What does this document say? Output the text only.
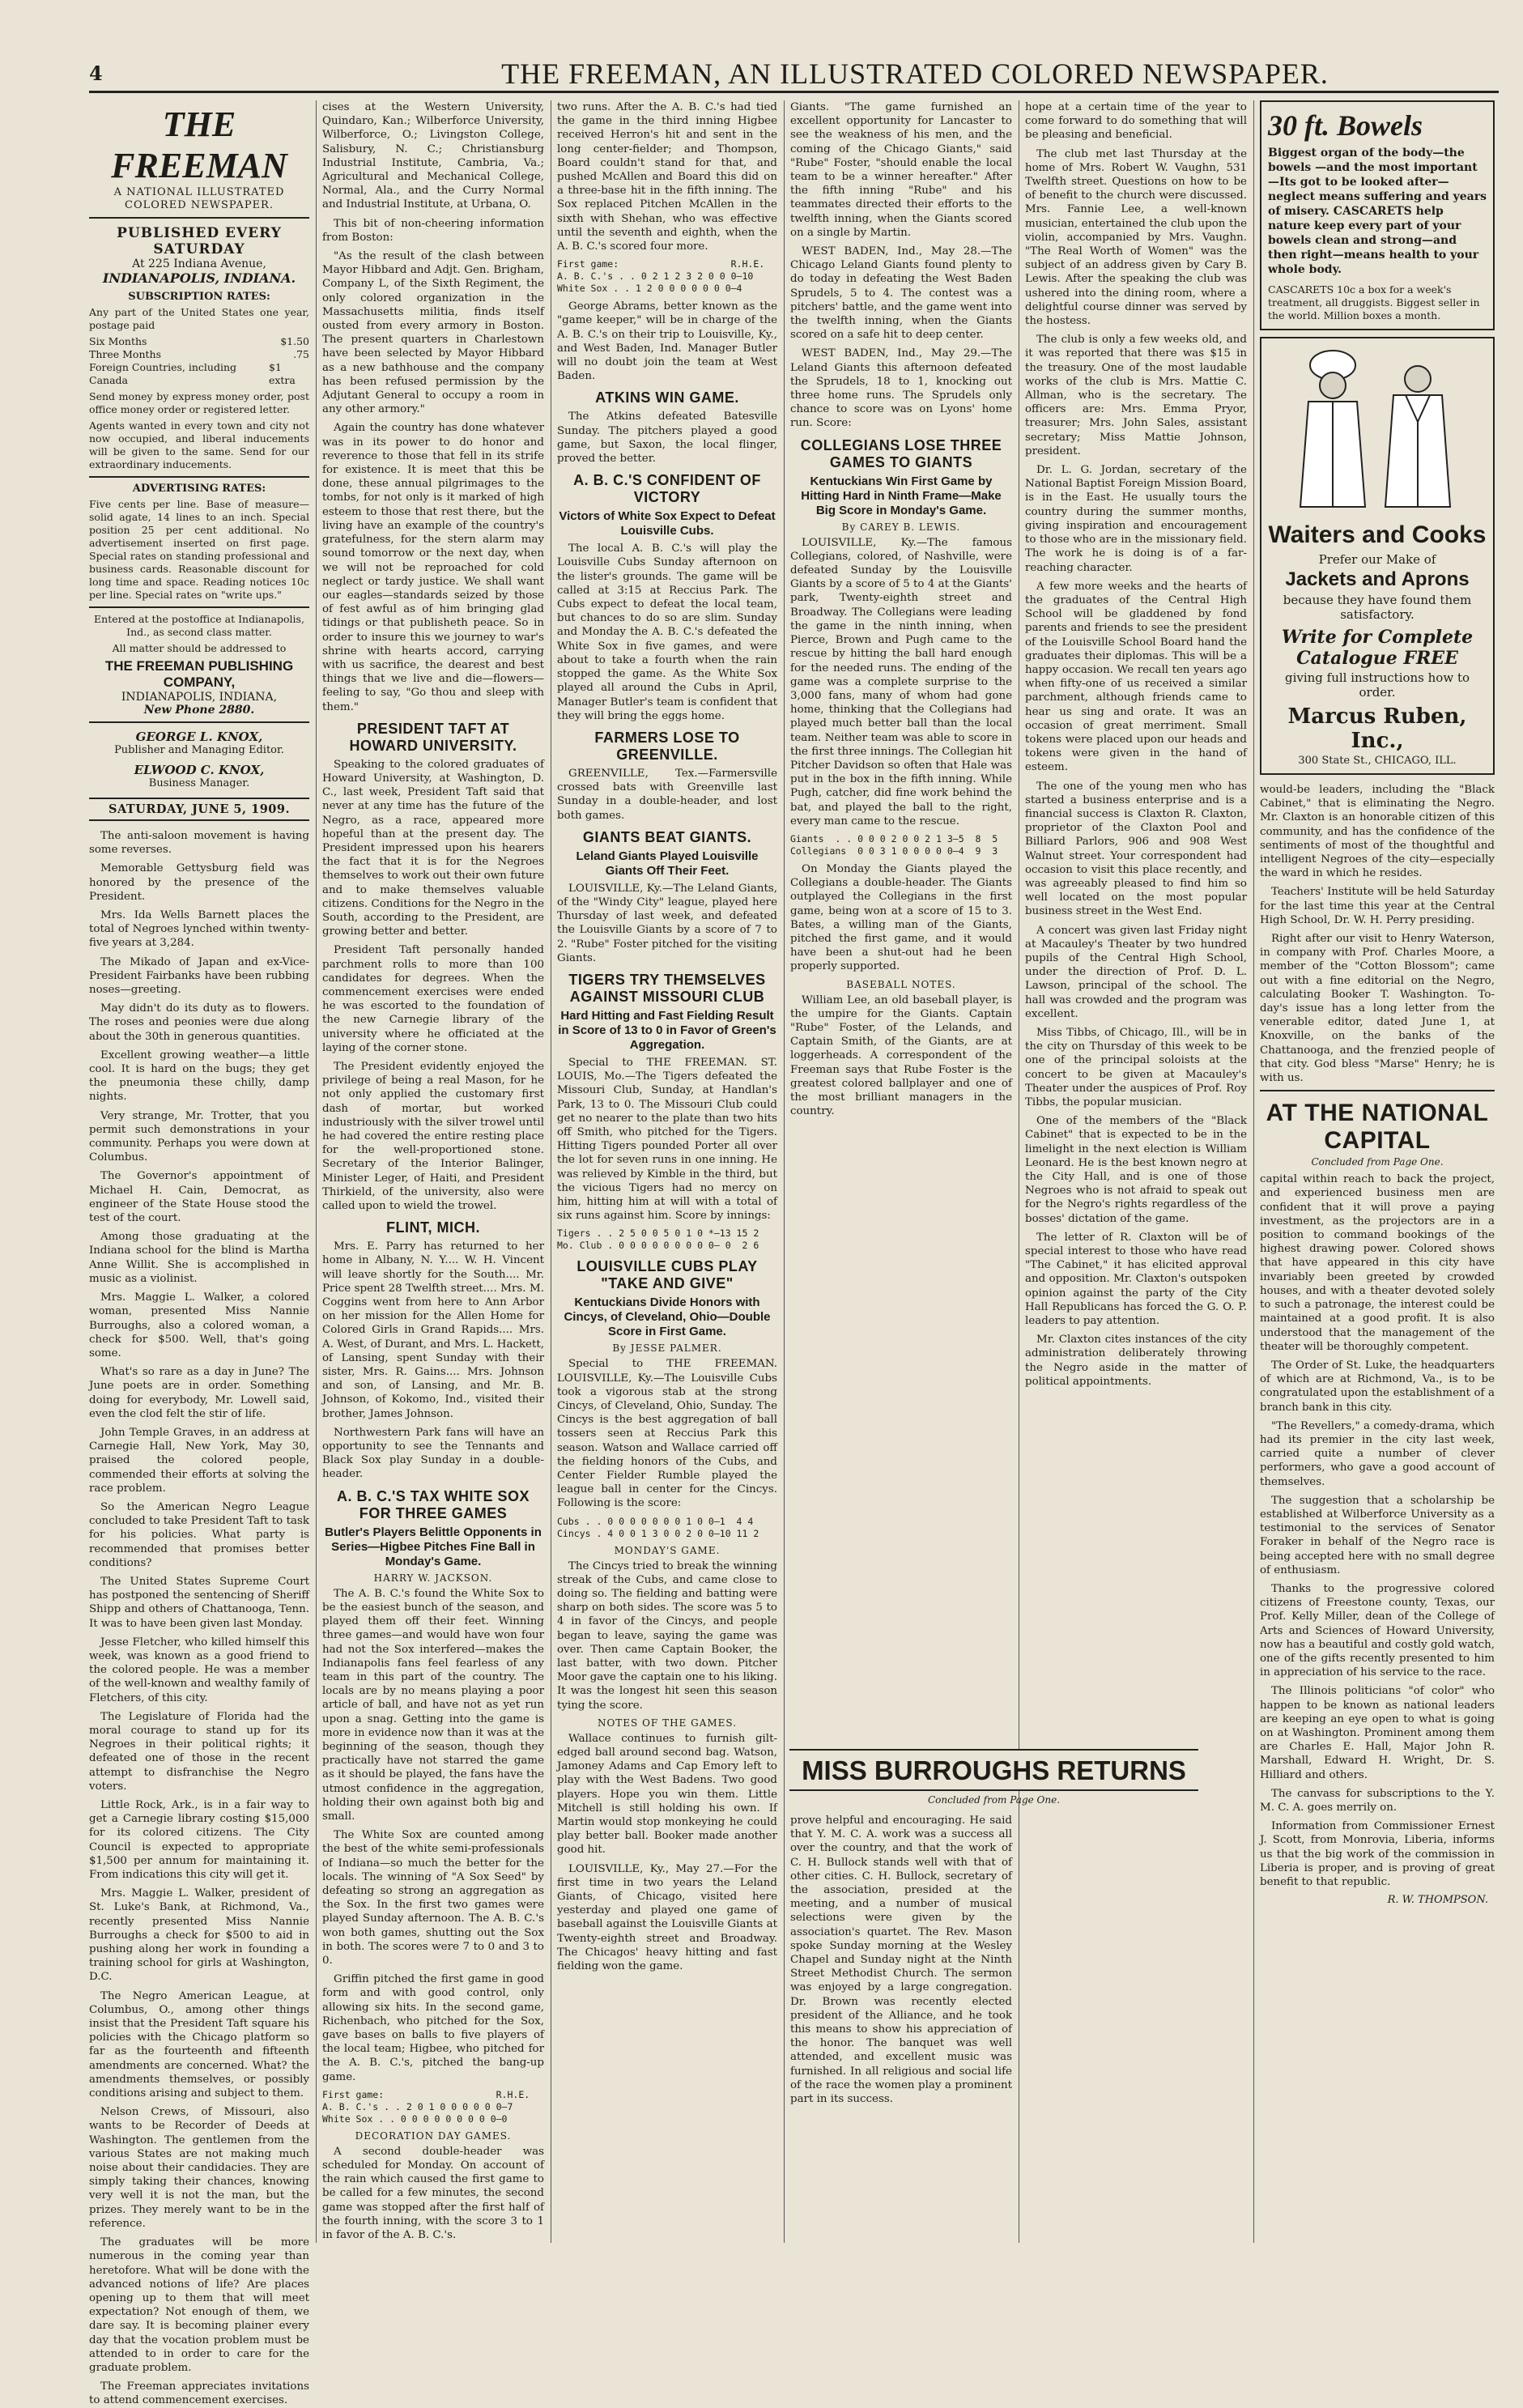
4	THE FREEMAN, AN ILLUSTRATED COLORED NEWSPAPER.
THE FREEMAN
A NATIONAL ILLUSTRATED
COLORED NEWSPAPER.
PUBLISHED EVERY SATURDAY
At 225 Indiana Avenue,
INDIANAPOLIS, INDIANA.
SUBSCRIPTION RATES:
Any part of the United States one year, postage paid
Six Months	$1.50
Three Months	.75
Foreign Countries, including Canada
$1 extra
Send money by express money order, post office money order or registered letter.
Agents wanted in every town and city not now occupied, and liberal inducements will be given to the same. Send for our extraordinary inducements.
ADVERTISING RATES:
Five cents per line. Base of measure—solid agate, 14 lines to an inch. Special position 25 per cent additional. No advertisement inserted on first page. Special rates on standing professional and business cards. Reasonable discount for long time and space. Reading notices 10c per line. Special rates on "write ups."
Entered at the postoffice at Indianapolis, Ind., as second class matter.
All matter should be addressed to
THE FREEMAN PUBLISHING COMPANY,
INDIANAPOLIS, INDIANA,
New Phone 2880.
GEORGE L. KNOX,
Publisher and Managing Editor.
ELWOOD C. KNOX,
Business Manager.
SATURDAY, JUNE 5, 1909.

The anti-saloon movement is having some reverses.

Memorable Gettysburg field was honored by the presence of the President.

Mrs. Ida Wells Barnett places the total of Negroes lynched within twenty-five years at 3,284.

The Mikado of Japan and ex-Vice-President Fairbanks have been rubbing noses—greeting.

May didn't do its duty as to flowers. The roses and peonies were due along about the 30th in generous quantities.

Excellent growing weather—a little cool. It is hard on the bugs; they get the pneumonia these chilly, damp nights.

Very strange, Mr. Trotter, that you permit such demonstrations in your community. Perhaps you were down at Columbus.

The Governor's appointment of Michael H. Cain, Democrat, as engineer of the State House stood the test of the court.

Among those graduating at the Indiana school for the blind is Martha Anne Willit. She is accomplished in music as a violinist.

Mrs. Maggie L. Walker, a colored woman, presented Miss Nannie Burroughs, also a colored woman, a check for $500. Well, that's going some.

What's so rare as a day in June? The June poets are in order. Something doing for everybody, Mr. Lowell said, even the clod felt the stir of life.

John Temple Graves, in an address at Carnegie Hall, New York, May 30, praised the colored people, commended their efforts at solving the race problem.

So the American Negro League concluded to take President Taft to task for his policies. What party is recommended that promises better conditions?

The United States Supreme Court has postponed the sentencing of Sheriff Shipp and others of Chattanooga, Tenn. It was to have been given last Monday.

Jesse Fletcher, who killed himself this week, was known as a good friend to the colored people. He was a member of the well-known and wealthy family of Fletchers, of this city.

The Legislature of Florida had the moral courage to stand up for its Negroes in their political rights; it defeated one of those in the recent attempt to disfranchise the Negro voters.

Little Rock, Ark., is in a fair way to get a Carnegie library costing $15,000 for its colored citizens. The City Council is expected to appropriate $1,500 per annum for maintaining it. From indications this city will get it.

Mrs. Maggie L. Walker, president of St. Luke's Bank, at Richmond, Va., recently presented Miss Nannie Burroughs a check for $500 to aid in pushing along her work in founding a training school for girls at Washington, D.C.

The Negro American League, at Columbus, O., among other things insist that the President Taft square his policies with the Chicago platform so far as the fourteenth and fifteenth amendments are concerned. What? the amendments themselves, or possibly conditions arising and subject to them.

Nelson Crews, of Missouri, also wants to be Recorder of Deeds at Washington. The gentlemen from the various States are not making much noise about their candidacies. They are simply taking their chances, knowing very well it is not the man, but the prizes. They merely want to be in the reference.

The graduates will be more numerous in the coming year than heretofore. What will be done with the advanced notions of life? Are places opening up to them that will meet expectation? Not enough of them, we dare say. It is becoming plainer every day that the vocation problem must be attended to in order to care for the graduate problem.

The Freeman appreciates invitations to attend commencement exercises.

cises at the Western University, Quindaro, Kan.; Wilberforce University, Wilberforce, O.; Livingston College, Salisbury, N. C.; Christiansburg Industrial Institute, Cambria, Va.; Agricultural and Mechanical College, Normal, Ala., and the Curry Normal and Industrial Institute, at Urbana, O.

This bit of non-cheering information from Boston:

"As the result of the clash between Mayor Hibbard and Adjt. Gen. Brigham, Company L, of the Sixth Regiment, the only colored organization in the Massachusetts militia, finds itself ousted from every armory in Boston. The present quarters in Charlestown have been selected by Mayor Hibbard as a new bathhouse and the company has been refused permission by the Adjutant General to occupy a room in any other armory."

Again the country has done whatever was in its power to do honor and reverence to those that fell in its strife for existence. It is meet that this be done, these annual pilgrimages to the tombs, for not only is it marked of high esteem to those that rest there, but the living have an example of the country's gratefulness, for the stern alarm may sound tomorrow or the next day, when we will not be reproached for cold neglect or tardy justice. We shall want our eagles—standards seized by those of fest awful as of him bringing glad tidings or that publisheth peace. So in order to insure this we journey to war's shrine with hearts accord, carrying with us sacrifice, the dearest and best things that we live and die—flowers—feeling to say, "Go thou and sleep with them."

PRESIDENT TAFT AT HOWARD UNIVERSITY.

Speaking to the colored graduates of Howard University, at Washington, D. C., last week, President Taft said that never at any time has the future of the Negro, as a race, appeared more hopeful than at the present day. The President impressed upon his hearers the fact that it is for the Negroes themselves to work out their own future and to make themselves valuable citizens. Conditions for the Negro in the South, according to the President, are growing better and better.

President Taft personally handed parchment rolls to more than 100 candidates for degrees. When the commencement exercises were ended he was escorted to the foundation of the new Carnegie library of the university where he officiated at the laying of the corner stone.

The President evidently enjoyed the privilege of being a real Mason, for he not only applied the customary first dash of mortar, but worked industriously with the silver trowel until he had covered the entire resting place for the well-proportioned stone. Secretary of the Interior Balinger, Minister Leger, of Haiti, and President Thirkield, of the university, also were called upon to wield the trowel.

FLINT, MICH.

Mrs. E. Parry has returned to her home in Albany, N. Y.... W. H. Vincent will leave shortly for the South.... Mr. Price spent 28 Twelfth street.... Mrs. M. Coggins went from here to Ann Arbor on her mission for the Allen Home for Colored Girls in Grand Rapids.... Mrs. A. West, of Durant, and Mrs. L. Hackett, of Lansing, spent Sunday with their sister, Mrs. R. Gains.... Mrs. Johnson and son, of Lansing, and Mr. B. Johnson, of Kokomo, Ind., visited their brother, James Johnson.

Northwestern Park fans will have an opportunity to see the Tennants and Black Sox play Sunday in a double-header.

A. B. C.'S TAX WHITE SOX FOR THREE GAMES
Butler's Players Belittle Opponents in Series—Higbee Pitches Fine Ball in Monday's Game.
HARRY W. JACKSON.

The A. B. C.'s found the White Sox to be the easiest bunch of the season, and played them off their feet. Winning three games—and would have won four had not the Sox interfered—makes the Indianapolis fans feel fearless of any team in this part of the country. The locals are by no means playing a poor article of ball, and have not as yet run upon a snag. Getting into the game is more in evidence now than it was at the beginning of the season, though they practically have not starred the game as it should be played, the fans have the utmost confidence in the aggregation, holding their own against both big and small.

The White Sox are counted among the best of the white semi-professionals of Indiana—so much the better for the locals. The winning of "A Sox Seed" by defeating so strong an aggregation as the Sox. In the first two games were played Sunday afternoon. The A. B. C.'s won both games, shutting out the Sox in both. The scores were 7 to 0 and 3 to 0.

Griffin pitched the first game in good form and with good control, only allowing six hits. In the second game, Richenbach, who pitched for the Sox, gave bases on balls to five players of the local team; Higbee, who pitched for the A. B. C.'s, pitched the bang-up game.

First game:                    R.H.E.
A. B. C.'s . . 2 0 1 0 0 0 0 0 0—7
White Sox . . 0 0 0 0 0 0 0 0 0—0
DECORATION DAY GAMES.

A second double-header was scheduled for Monday. On account of the rain which caused the first game to be called for a few minutes, the second game was stopped after the first half of the fourth inning, with the score 3 to 1 in favor of the A. B. C.'s.

two runs. After the A. B. C.'s had tied the game in the third inning Higbee received Herron's hit and sent in the long center-fielder; and Thompson, Board couldn't stand for that, and pushed McAllen and Board this did on a three-base hit in the fifth inning. The Sox replaced Pitchen McAllen in the sixth with Shehan, who was effective until the seventh and eighth, when the A. B. C.'s scored four more.

First game:                    R.H.E.
A. B. C.'s . . 0 2 1 2 3 2 0 0 0—10
White Sox . . 1 2 0 0 0 0 0 0 0—4

George Abrams, better known as the "game keeper," will be in charge of the A. B. C.'s on their trip to Louisville, Ky., and West Baden, Ind. Manager Butler will no doubt join the team at West Baden.

ATKINS WIN GAME.

The Atkins defeated Batesville Sunday. The pitchers played a good game, but Saxon, the local flinger, proved the better.

A. B. C.'S CONFIDENT OF VICTORY
Victors of White Sox Expect to Defeat Louisville Cubs.

The local A. B. C.'s will play the Louisville Cubs Sunday afternoon on the lister's grounds. The game will be called at 3:15 at Reccius Park. The Cubs expect to defeat the local team, but chances to do so are slim. Sunday and Monday the A. B. C.'s defeated the White Sox in five games, and were about to take a fourth when the rain stopped the game. As the White Sox played all around the Cubs in April, Manager Butler's team is confident that they will bring the eggs home.

FARMERS LOSE TO GREENVILLE.

GREENVILLE, Tex.—Farmersville crossed bats with Greenville last Sunday in a double-header, and lost both games.

GIANTS BEAT GIANTS.
Leland Giants Played Louisville Giants Off Their Feet.

LOUISVILLE, Ky.—The Leland Giants, of the "Windy City" league, played here Thursday of last week, and defeated the Louisville Giants by a score of 7 to 2. "Rube" Foster pitched for the visiting Giants.

TIGERS TRY THEMSELVES AGAINST MISSOURI CLUB
Hard Hitting and Fast Fielding Result in Score of 13 to 0 in Favor of Green's Aggregation.

Special to THE FREEMAN. ST. LOUIS, Mo.—The Tigers defeated the Missouri Club, Sunday, at Handlan's Park, 13 to 0. The Missouri Club could get no nearer to the plate than two hits off Smith, who pitched for the Tigers. Hitting Tigers pounded Porter all over the lot for seven runs in one inning. He was relieved by Kimble in the third, but the vicious Tigers had no mercy on him, hitting him at will with a total of six runs against him. Score by innings:

Tigers . . 2 5 0 0 5 0 1 0 *—13 15 2
Mo. Club . 0 0 0 0 0 0 0 0 0— 0  2 6
LOUISVILLE CUBS PLAY "TAKE AND GIVE"
Kentuckians Divide Honors with Cincys, of Cleveland, Ohio—Double Score in First Game.
By JESSE PALMER.

Special to THE FREEMAN. LOUISVILLE, Ky.—The Louisville Cubs took a vigorous stab at the strong Cincys, of Cleveland, Ohio, Sunday. The Cincys is the best aggregation of ball tossers seen at Reccius Park this season. Watson and Wallace carried off the fielding honors of the Cubs, and Center Fielder Rumble played the league ball in center for the Cincys. Following is the score:

Cubs . . 0 0 0 0 0 0 0 1 0 0—1  4 4
Cincys . 4 0 0 1 3 0 0 2 0 0—10 11 2
MONDAY'S GAME.

The Cincys tried to break the winning streak of the Cubs, and came close to doing so. The fielding and batting were sharp on both sides. The score was 5 to 4 in favor of the Cincys, and people began to leave, saying the game was over. Then came Captain Booker, the last batter, with two down. Pitcher Moor gave the captain one to his liking. It was the longest hit seen this season tying the score.

NOTES OF THE GAMES.

Wallace continues to furnish gilt-edged ball around second bag. Watson, Jamoney Adams and Cap Emory left to play with the West Badens. Two good players. Hope you win them. Little Mitchell is still holding his own. If Martin would stop monkeying he could play better ball. Booker made another good hit.

LOUISVILLE, Ky., May 27.—For the first time in two years the Leland Giants, of Chicago, visited here yesterday and played one game of baseball against the Louisville Giants at Twenty-eighth street and Broadway. The Chicagos' heavy hitting and fast fielding won the game.

Giants. "The game furnished an excellent opportunity for Lancaster to see the weakness of his men, and the coming of the Chicago Giants," said "Rube" Foster, "should enable the local team to be a winner hereafter." After the fifth inning "Rube" and his teammates directed their efforts to the twelfth inning, when the Giants scored on a single by Martin.

WEST BADEN, Ind., May 28.—The Chicago Leland Giants found plenty to do today in defeating the West Baden Sprudels, 5 to 4. The contest was a pitchers' battle, and the game went into the twelfth inning, when the Giants scored on a safe hit to deep center.

WEST BADEN, Ind., May 29.—The Leland Giants this afternoon defeated the Sprudels, 18 to 1, knocking out three home runs. The Sprudels only chance to score was on Lyons' home run. Score:

COLLEGIANS LOSE THREE GAMES TO GIANTS
Kentuckians Win First Game by Hitting Hard in Ninth Frame—Make Big Score in Monday's Game.
By CAREY B. LEWIS.

LOUISVILLE, Ky.—The famous Collegians, colored, of Nashville, were defeated Sunday by the Louisville Giants by a score of 5 to 4 at the Giants' park, Twenty-eighth street and Broadway. The Collegians were leading the game in the ninth inning, when Pierce, Brown and Pugh came to the rescue by hitting the ball hard enough for the needed runs. The ending of the game was a complete surprise to the 3,000 fans, many of whom had gone home, thinking that the Collegians had played much better ball than the local team. Neither team was able to score in the first three innings. The Collegian hit Pitcher Davidson so often that Hale was put in the box in the fifth inning. While Pugh, catcher, did fine work behind the bat, and played the ball to the right, every man came to the rescue.

Giants  . . 0 0 0 2 0 0 2 1 3—5  8  5
Collegians  0 0 3 1 0 0 0 0 0—4  9  3

On Monday the Giants played the Collegians a double-header. The Giants outplayed the Collegians in the first game, being won at a score of 15 to 3. Bates, a willing man of the Giants, pitched the first game, and it would have been a shut-out had he been properly supported.

BASEBALL NOTES.

William Lee, an old baseball player, is the umpire for the Giants. Captain "Rube" Foster, of the Lelands, and Captain Smith, of the Giants, are at loggerheads. A correspondent of the Freeman says that Rube Foster is the greatest colored ballplayer and one of the most brilliant managers in the country.

MISS BURROUGHS RETURNS
Concluded from Page One.

prove helpful and encouraging. He said that Y. M. C. A. work was a success all over the country, and that the work of C. H. Bullock stands well with that of other cities. C. H. Bullock, secretary of the association, presided at the meeting, and a number of musical selections were given by the association's quartet. The Rev. Mason spoke Sunday morning at the Wesley Chapel and Sunday night at the Ninth Street Methodist Church. The sermon was enjoyed by a large congregation. Dr. Brown was recently elected president of the Alliance, and he took this means to show his appreciation of the honor. The banquet was well attended, and excellent music was furnished. In all religious and social life of the race the women play a prominent part in its success.

hope at a certain time of the year to come forward to do something that will be pleasing and beneficial.

The club met last Thursday at the home of Mrs. Robert W. Vaughn, 531 Twelfth street. Questions on how to be of benefit to the church were discussed. Mrs. Fannie Lee, a well-known musician, entertained the club upon the violin, accompanied by Mrs. Vaughn. "The Real Worth of Women" was the subject of an address given by Cary B. Lewis. After the speaking the club was ushered into the dining room, where a delightful course dinner was served by the hostess.

The club is only a few weeks old, and it was reported that there was $15 in the treasury. One of the most laudable works of the club is Mrs. Mattie C. Allman, who is the secretary. The officers are: Mrs. Emma Pryor, treasurer; Mrs. John Sales, assistant secretary; Miss Mattie Johnson, president.

Dr. L. G. Jordan, secretary of the National Baptist Foreign Mission Board, is in the East. He usually tours the country during the summer months, giving inspiration and encouragement to those who are in the missionary field. The work he is doing is of a far-reaching character.

A few more weeks and the hearts of the graduates of the Central High School will be gladdened by fond parents and friends to see the president of the Louisville School Board hand the graduates their diplomas. This will be a happy occasion. We recall ten years ago when fifty-one of us received a similar parchment, although friends came to hear us sing and orate. It was an occasion of great merriment. Small tokens were placed upon our heads and tokens were given in the hand of esteem.

The one of the young men who has started a business enterprise and is a financial success is Claxton R. Claxton, proprietor of the Claxton Pool and Billiard Parlors, 906 and 908 West Walnut street. Your correspondent had occasion to visit this place recently, and was agreeably pleased to find him so well located on the most popular business street in the West End.

A concert was given last Friday night at Macauley's Theater by two hundred pupils of the Central High School, under the direction of Prof. D. L. Lawson, principal of the school. The hall was crowded and the program was excellent.

Miss Tibbs, of Chicago, Ill., will be in the city on Thursday of this week to be one of the principal soloists at the concert to be given at Macauley's Theater under the auspices of Prof. Roy Tibbs, the popular musician.

One of the members of the "Black Cabinet" that is expected to be in the limelight in the next election is William Leonard. He is the best known negro at the City Hall, and is one of those Negroes who is not afraid to speak out for the Negro's rights regardless of the bosses' dictation of the game.

The letter of R. Claxton will be of special interest to those who have read "The Cabinet," it has elicited approval and opposition. Mr. Claxton's outspoken opinion against the party of the City Hall Republicans has forced the G. O. P. leaders to pay attention.

Mr. Claxton cites instances of the city administration deliberately throwing the Negro aside in the matter of political appointments.

30 ft. Bowels
Biggest organ of the body—the bowels —and the most important—Its got to be looked after—neglect means suffering and years of misery. CASCARETS help nature keep every part of your bowels clean and strong—and then right—means health to your whole body.
CASCARETS 10c a box for a week's treatment, all druggists. Biggest seller in the world. Million boxes a month.
Waiters and Cooks
Prefer our Make of
Jackets and Aprons
because they have found them satisfactory.
Write for Complete Catalogue FREE
giving full instructions how to order.
Marcus Ruben, Inc.,
300 State St., CHICAGO, ILL.

would-be leaders, including the "Black Cabinet," that is eliminating the Negro. Mr. Claxton is an honorable citizen of this community, and has the confidence of the sentiments of most of the thoughtful and intelligent Negroes of the city—especially the ward in which he resides.

Teachers' Institute will be held Saturday for the last time this year at the Central High School, Dr. W. H. Perry presiding.

Right after our visit to Henry Waterson, in company with Prof. Charles Moore, a member of the "Cotton Blossom"; came out with a fine editorial on the Negro, calculating Booker T. Washington. To-day's issue has a long letter from the venerable editor, dated June 1, at Knoxville, on the banks of the Chattanooga, and the frenzied people of that city. God bless "Marse" Henry; he is with us.

AT THE NATIONAL CAPITAL
Concluded from Page One.

capital within reach to back the project, and experienced business men are confident that it will prove a paying investment, as the projectors are in a position to command bookings of the highest drawing power. Colored shows that have appeared in this city have invariably been greeted by crowded houses, and with a theater devoted solely to such a patronage, the interest could be maintained at a good profit. It is also understood that the management of the theater will be thoroughly competent.

The Order of St. Luke, the headquarters of which are at Richmond, Va., is to be congratulated upon the establishment of a branch bank in this city.

"The Revellers," a comedy-drama, which had its premier in the city last week, carried quite a number of clever performers, who gave a good account of themselves.

The suggestion that a scholarship be established at Wilberforce University as a testimonial to the services of Senator Foraker in behalf of the Negro race is being accepted here with no small degree of enthusiasm.

Thanks to the progressive colored citizens of Freestone county, Texas, our Prof. Kelly Miller, dean of the College of Arts and Sciences of Howard University, now has a beautiful and costly gold watch, one of the gifts recently presented to him in appreciation of his service to the race.

The Illinois politicians "of color" who happen to be known as national leaders are keeping an eye open to what is going on at Washington. Prominent among them are Charles E. Hall, Major John R. Marshall, Edward H. Wright, Dr. S. Hilliard and others.

The canvass for subscriptions to the Y. M. C. A. goes merrily on.

Information from Commissioner Ernest J. Scott, from Monrovia, Liberia, informs us that the big work of the commission in Liberia is proper, and is proving of great benefit to that republic.

R. W. THOMPSON.
